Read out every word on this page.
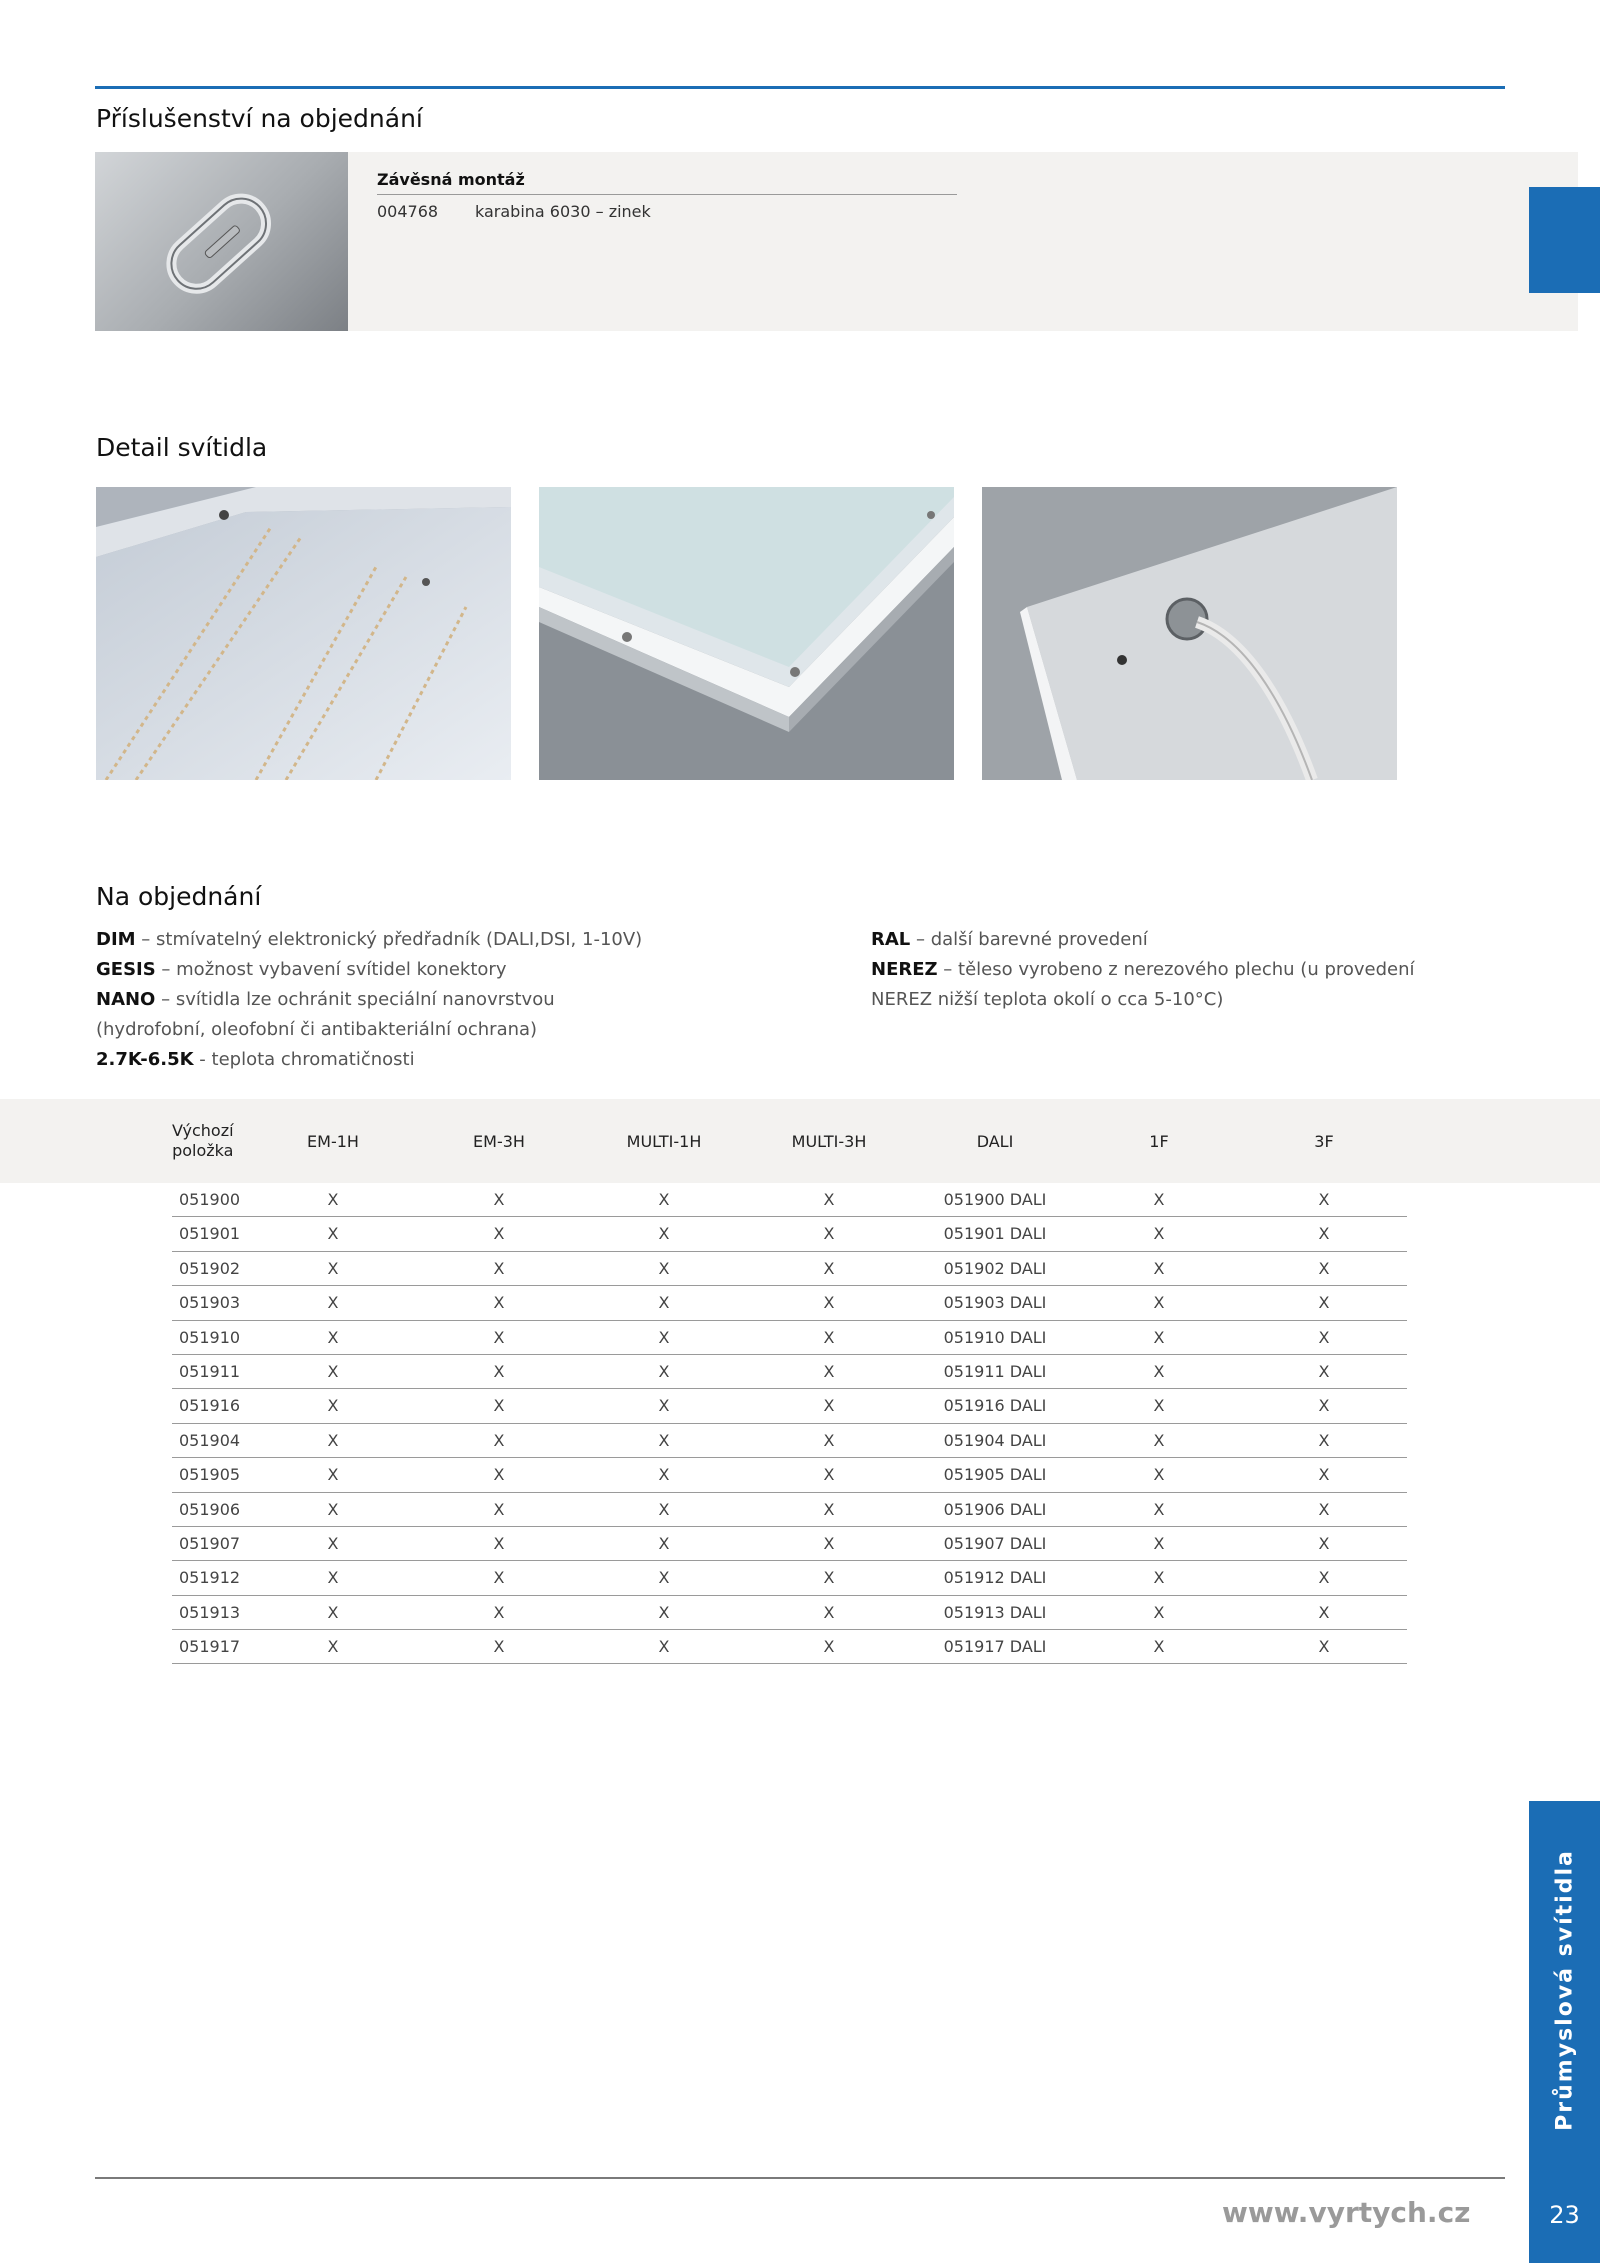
Příslušenství na objednání
Závěsná montáž
004768 karabina 6030 – zinek
Detail svítidla
Na objednání
DIM – stmívatelný elektronický předřadník (DALI,DSI, 1-10V)
GESIS – možnost vybavení svítidel konektory
NANO – svítidla lze ochránit speciální nanovrstvou
(hydrofobní, oleofobní či antibakteriální ochrana)
2.7K-6.5K - teplota chromatičnosti
RAL – další barevné provedení
NEREZ – těleso vyrobeno z nerezového plechu (u provedení
NEREZ nižší teplota okolí o cca 5-10°C)
Výchozí
položka	EM-1H	EM-3H	MULTI-1H	MULTI-3H	DALI	1F	3F
051900	X	X	X	X	051900 DALI	X	X
051901	X	X	X	X	051901 DALI	X	X
051902	X	X	X	X	051902 DALI	X	X
051903	X	X	X	X	051903 DALI	X	X
051910	X	X	X	X	051910 DALI	X	X
051911	X	X	X	X	051911 DALI	X	X
051916	X	X	X	X	051916 DALI	X	X
051904	X	X	X	X	051904 DALI	X	X
051905	X	X	X	X	051905 DALI	X	X
051906	X	X	X	X	051906 DALI	X	X
051907	X	X	X	X	051907 DALI	X	X
051912	X	X	X	X	051912 DALI	X	X
051913	X	X	X	X	051913 DALI	X	X
051917	X	X	X	X	051917 DALI	X	X
www.vyrtych.cz
Průmyslová svítidla
23
